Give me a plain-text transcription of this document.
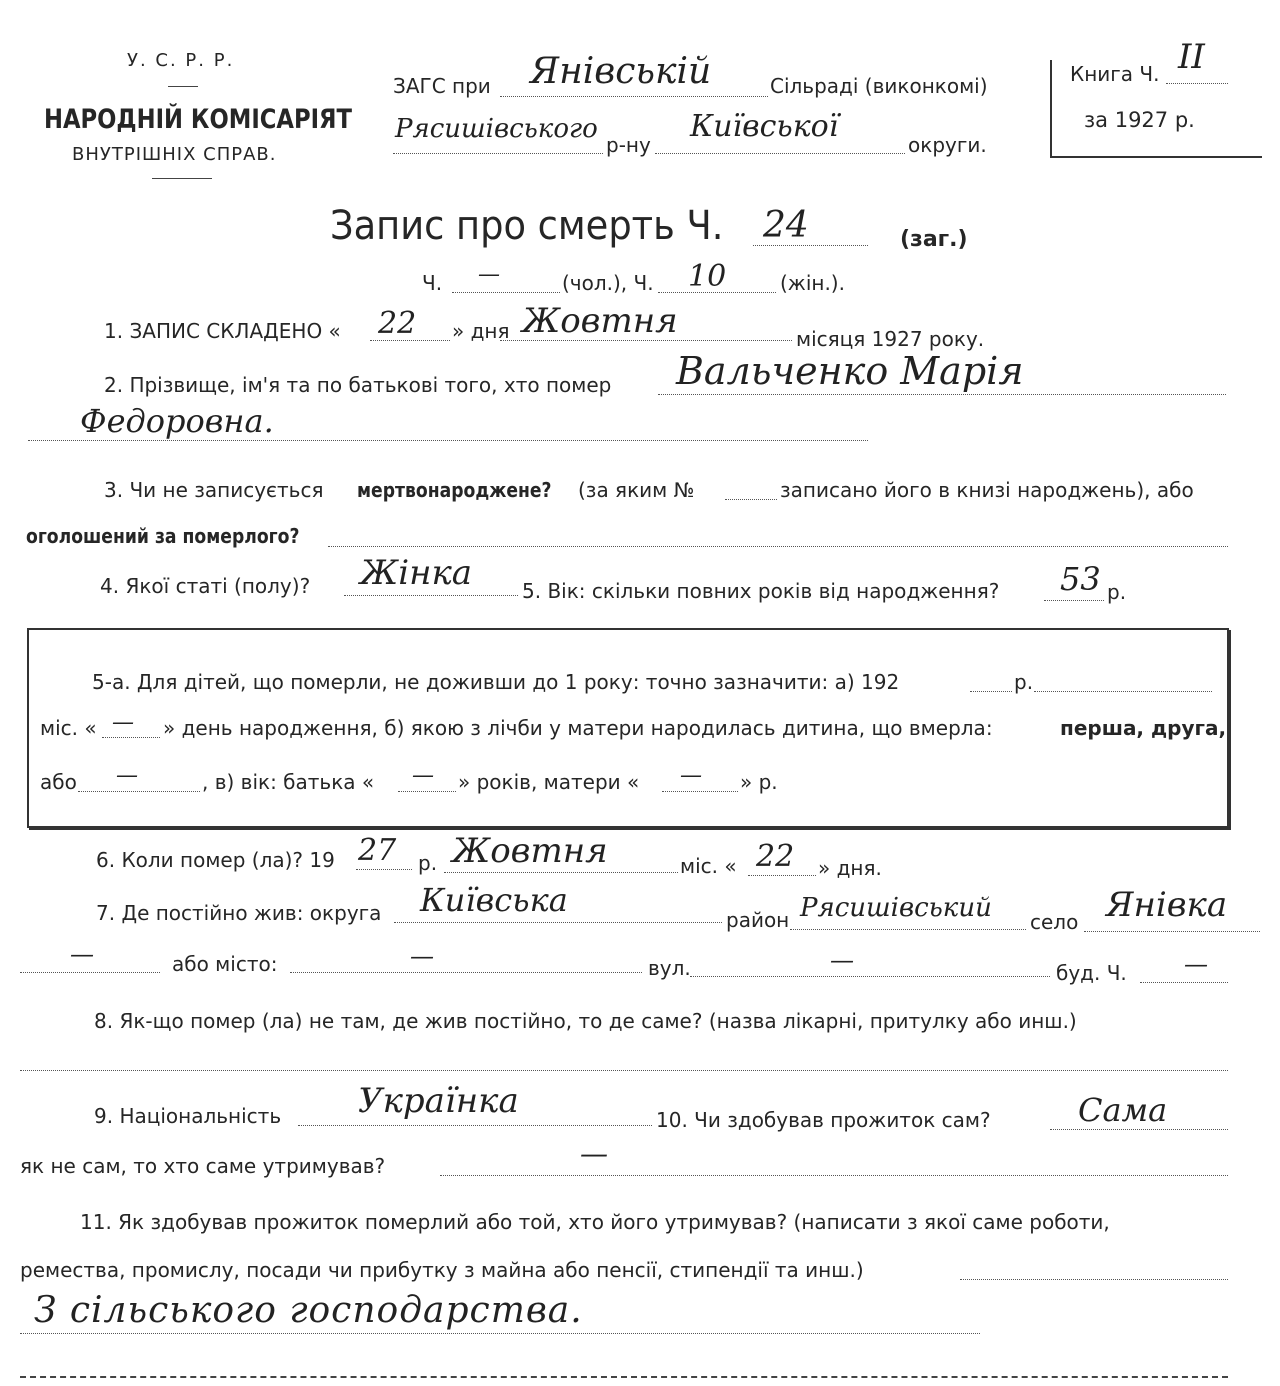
У. С. Р. Р.
НАРОДНІЙ КОМІСАРІЯТ
ВНУТРІШНІХ СПРАВ.
ЗАГС при Янівській	Сільраді (виконкомі)
Рясишівського
р-ну
Київської
округи.
Книга Ч. II
за 1927 р.
Запис про смерть Ч. 24	(заг.)
Ч. —	(чол.), Ч. 10	(жін.).
1. ЗАПИС СКЛАДЕНО « 22 » дня Жовтня	місяця 1927 року.
2. Прізвище, ім'я та по батькові того, хто помер Вальченко Марія
Федоровна.
3. Чи не записується мертвонароджене? (за яким №	записано його в книзі народжень), або
оголошений за померлого?
4. Якої статі (полу)? Жінка 5. Вік: скільки повних років від народження? 53 р.
5-а. Для дітей, що померли, не доживши до 1 року: точно зазначити: а) 192	р.
міс. « — » день народження, б) якою з лічби у матери народилась дитина, що вмерла:	перша, друга,
або —	, в) вік: батька « — » років, матери « — » р.
6. Коли помер (ла)? 19 27 р. Жовтня	міс. « 22 » дня.
7. Де постійно жив: округа Київська
район Рясишівський село Янівка
—	або місто:	—	вул.	—	буд. Ч. —
8. Як-що помер (ла) не там, де жив постійно, то де саме? (назва лікарні, притулку або инш.)
9. Національність Українка	10. Чи здобував прожиток сам?	Сама
як не сам, то хто саме утримував?	—
11. Як здобував прожиток померлий або той, хто його утримував? (написати з якої саме роботи,
ремества, промислу, посади чи прибутку з майна або пенсії, стипендії та инш.)
З сільського господарства.
